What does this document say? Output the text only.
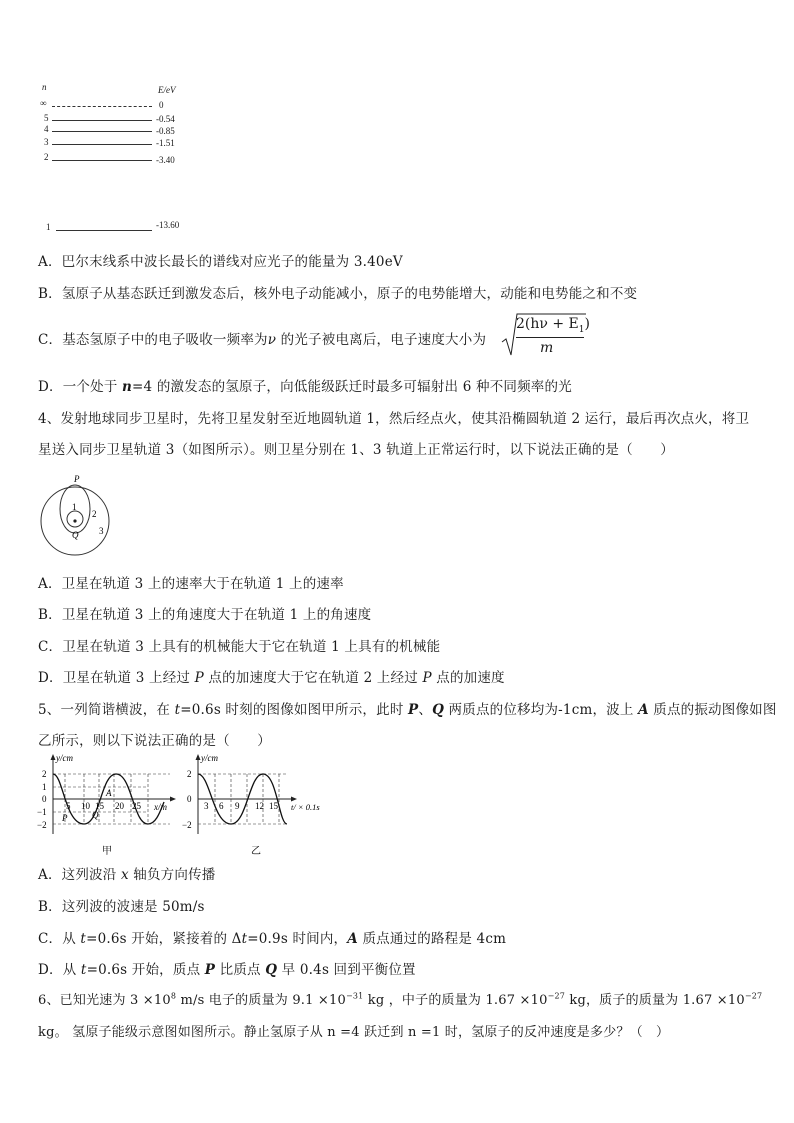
n	E/eV
∞	0
5	-0.54
4	-0.85
3	-1.51
2	-3.40
1	-13.60
A．巴尔末线系中波长最长的谱线对应光子的能量为 3.40eV
B．氢原子从基态跃迁到激发态后，核外电子动能减小，原子的电势能增大，动能和电势能之和不变
C．基态氢原子中的电子吸收一频率为ν 的光子被电离后，电子速度大小为
$2(h\nu + E_1)$
m
D．一个处于 n=4 的激发态的氢原子，向低能级跃迁时最多可辐射出 6 种不同频率的光
4、发射地球同步卫星时，先将卫星发射至近地圆轨道 1，然后经点火，使其沿椭圆轨道 2 运行，最后再次点火，将卫
星送入同步卫星轨道 3（如图所示）。则卫星分别在 1、3 轨道上正常运行时，以下说法正确的是（　　）
P
1
2
3
Q
A．卫星在轨道 3 上的速率大于在轨道 1 上的速率
B．卫星在轨道 3 上的角速度大于在轨道 1 上的角速度
C．卫星在轨道 3 上具有的机械能大于它在轨道 1 上具有的机械能
D．卫星在轨道 3 上经过 P 点的加速度大于它在轨道 2 上经过 P 点的加速度
5、一列简谐横波，在 t=0.6s 时刻的图像如图甲所示，此时 P、Q 两质点的位移均为-1cm，波上 A 质点的振动图像如图
乙所示，则以下说法正确的是（　　）
y/cm
2
1
0
−1
−2
5 10 15 20 25 x/m
A
P	Q
甲
y/cm
2
0
−2
3 6 9 12 15 t/ × 0.1s
乙
A．这列波沿 x 轴负方向传播
B．这列波的波速是 50m/s
C．从 t=0.6s 开始，紧接着的 Δt=0.9s 时间内，A 质点通过的路程是 4cm
D．从 t=0.6s 开始，质点 P 比质点 Q 早 0.4s 回到平衡位置
6、已知光速为 $3 \times 10^8$ m/s 电子的质量为 $9.1 \times 10^{-31}$ kg ，中子的质量为 $1.67 \times 10^{-27}$ kg，质子的质量为 $1.67 \times 10^{-27}$
kg。 氢原子能级示意图如图所示。静止氢原子从 n =4 跃迁到 n =1 时，氢原子的反冲速度是多少？（　）
